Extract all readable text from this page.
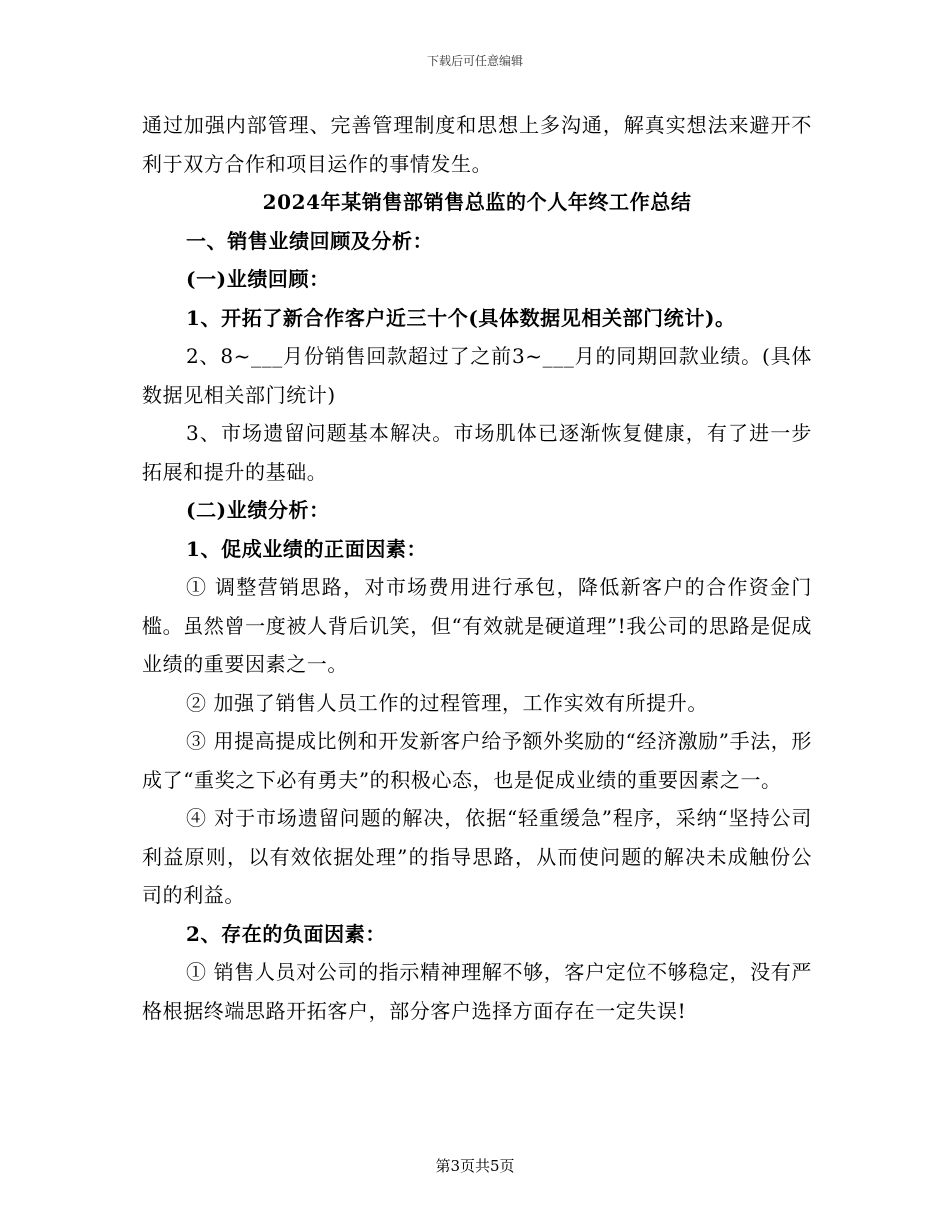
下载后可任意编辑

通过加强内部管理、完善管理制度和思想上多沟通，解真实想法来避开不利于双方合作和项目运作的事情发生。

2024年某销售部销售总监的个人年终工作总结

一、销售业绩回顾及分析：

(一)业绩回顾：

1、开拓了新合作客户近三十个(具体数据见相关部门统计)。

2、8~___月份销售回款超过了之前3~___月的同期回款业绩。(具体数据见相关部门统计)

3、市场遗留问题基本解决。市场肌体已逐渐恢复健康，有了进一步拓展和提升的基础。

(二)业绩分析：

1、促成业绩的正面因素：

① 调整营销思路，对市场费用进行承包，降低新客户的合作资金门槛。虽然曾一度被人背后讥笑，但“有效就是硬道理”!我公司的思路是促成业绩的重要因素之一。

② 加强了销售人员工作的过程管理，工作实效有所提升。

③ 用提高提成比例和开发新客户给予额外奖励的“经济激励”手法，形成了“重奖之下必有勇夫”的积极心态，也是促成业绩的重要因素之一。

④ 对于市场遗留问题的解决，依据“轻重缓急”程序，采纳“坚持公司利益原则，以有效依据处理”的指导思路，从而使问题的解决未成触份公司的利益。

2、存在的负面因素：

① 销售人员对公司的指示精神理解不够，客户定位不够稳定，没有严格根据终端思路开拓客户，部分客户选择方面存在一定失误!

第3页共5页
